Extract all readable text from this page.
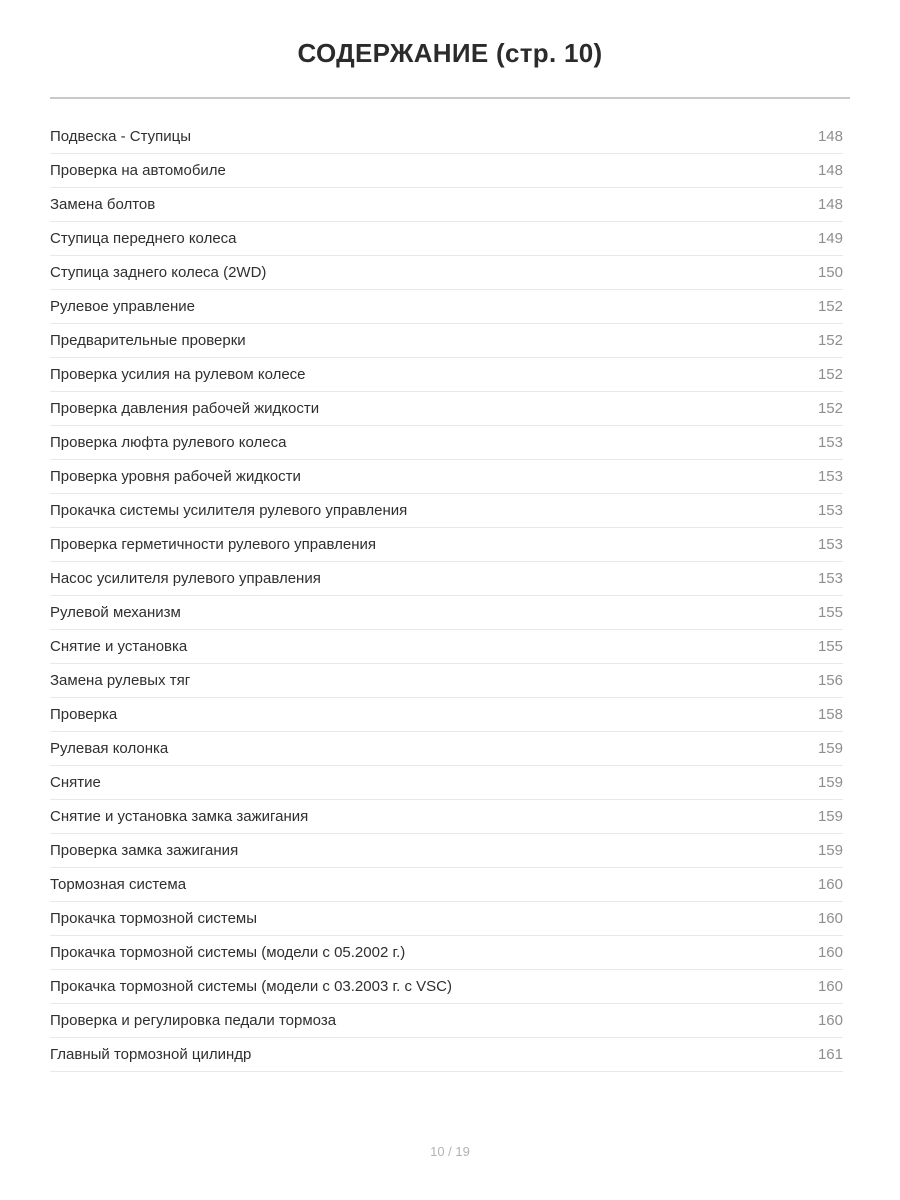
СОДЕРЖАНИЕ (стр. 10)
Подвеска - Ступицы	148
Проверка на автомобиле	148
Замена болтов	148
Ступица переднего колеса	149
Ступица заднего колеса (2WD)	150
Рулевое управление	152
Предварительные проверки	152
Проверка усилия на рулевом колесе	152
Проверка давления рабочей жидкости	152
Проверка люфта рулевого колеса	153
Проверка уровня рабочей жидкости	153
Прокачка системы усилителя рулевого управления	153
Проверка герметичности рулевого управления	153
Насос усилителя рулевого управления	153
Рулевой механизм	155
Снятие и установка	155
Замена рулевых тяг	156
Проверка	158
Рулевая колонка	159
Снятие	159
Снятие и установка замка зажигания	159
Проверка замка зажигания	159
Тормозная система	160
Прокачка тормозной системы	160
Прокачка тормозной системы (модели с 05.2002 г.)	160
Прокачка тормозной системы (модели с 03.2003 г. с VSC)	160
Проверка и регулировка педали тормоза	160
Главный тормозной цилиндр	161
10 / 19
